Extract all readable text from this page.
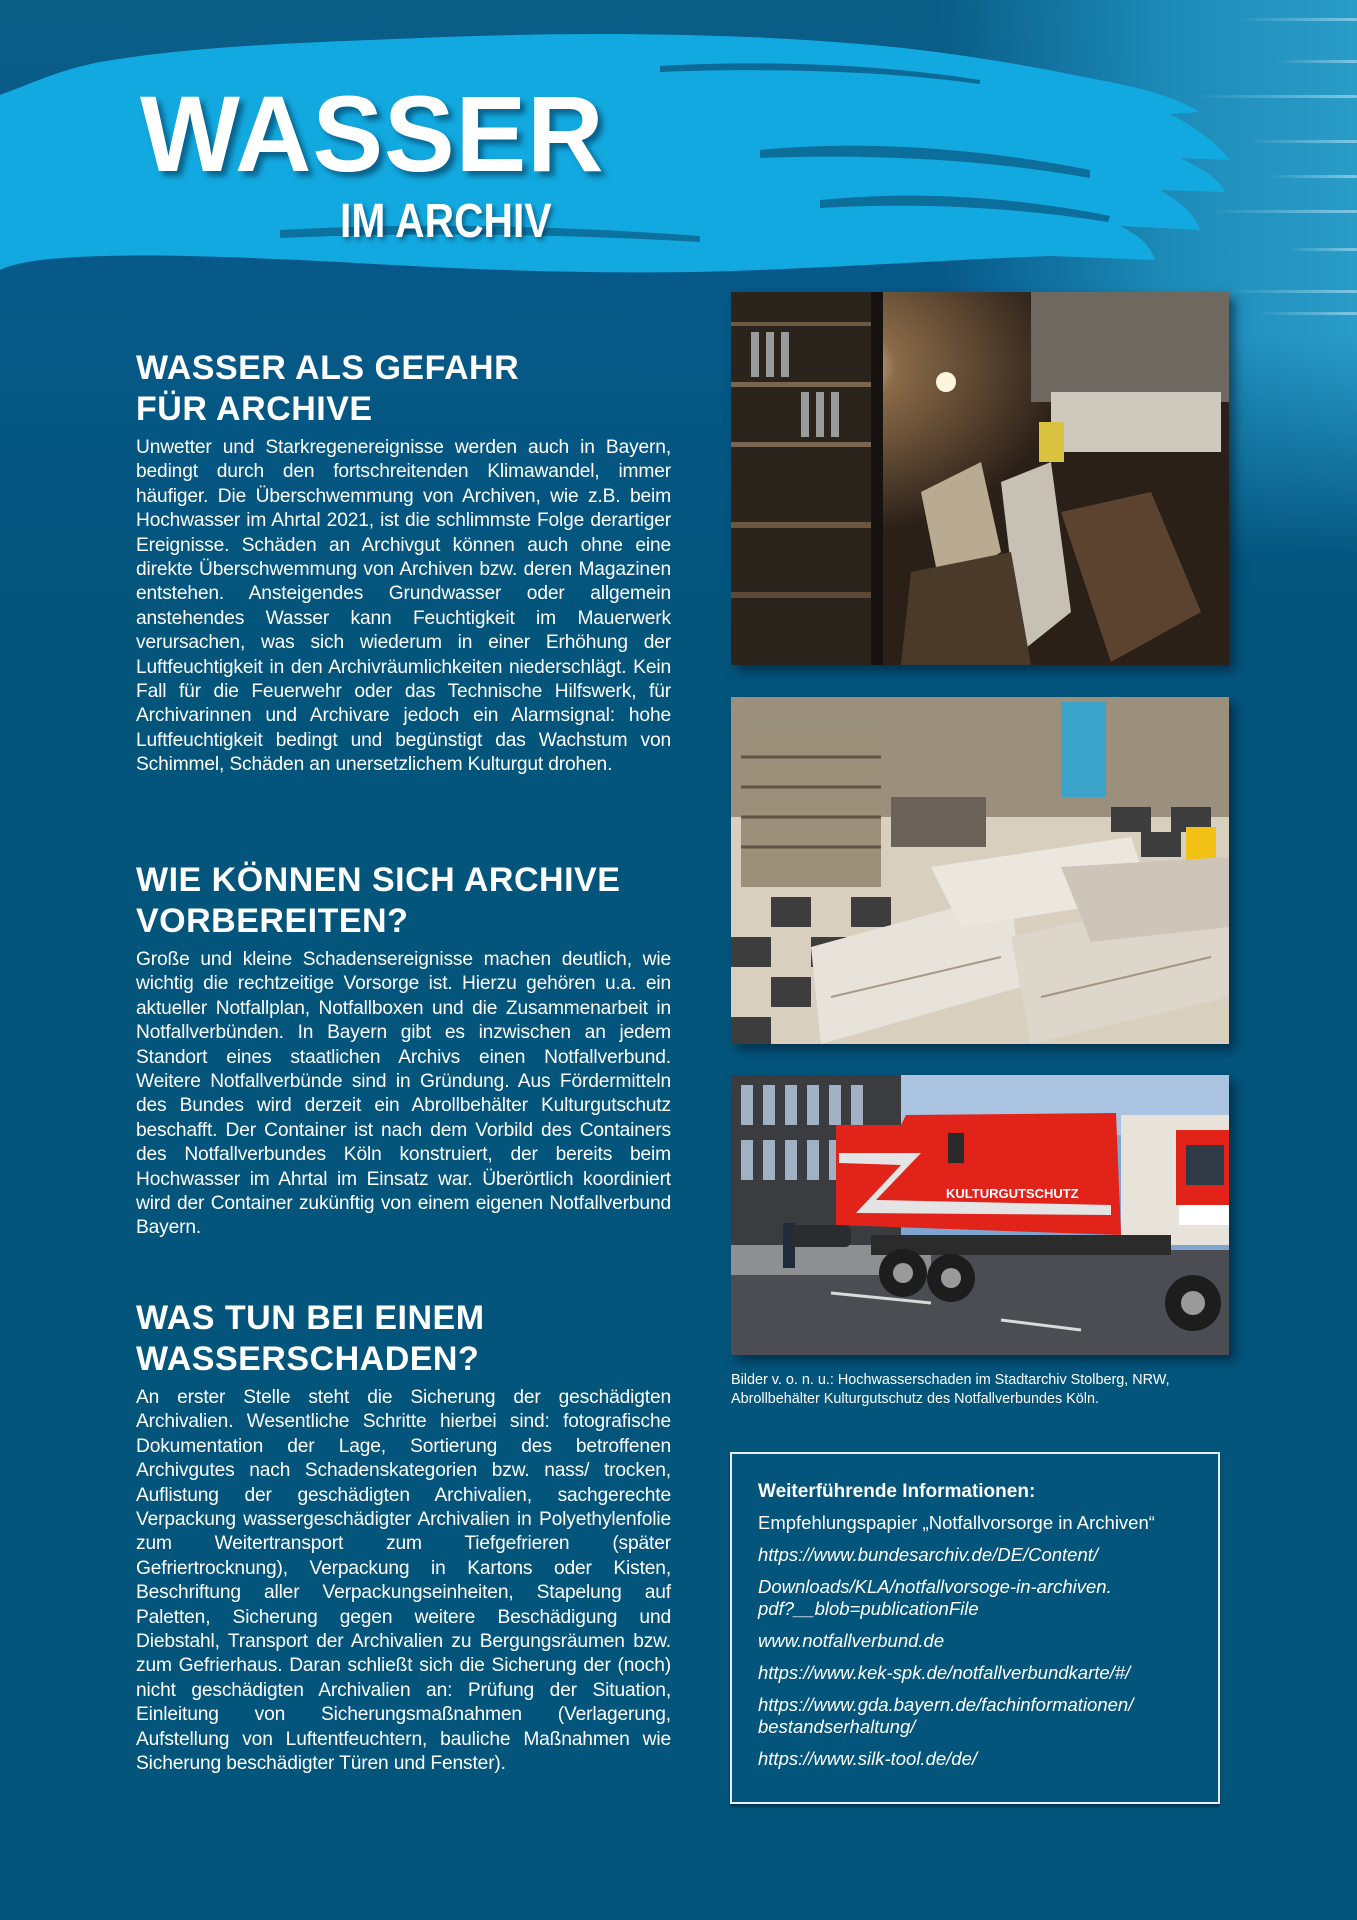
WASSER
IM ARCHIV
WASSER ALS GEFAHR
FÜR ARCHIVE

Unwetter und Starkregenereignisse werden auch in Bayern, bedingt durch den fortschreitenden Klimawandel, immer häufiger. Die Überschwemmung von Archiven, wie z.B. beim Hochwasser im Ahrtal 2021, ist die schlimmste Folge derartiger Ereignisse. Schäden an Archivgut können auch ohne eine direkte Überschwemmung von Archiven bzw. deren Magazinen entstehen. Ansteigendes Grundwasser oder allgemein anstehendes Wasser kann Feuchtigkeit im Mauerwerk verursachen, was sich wiederum in einer Erhöhung der Luftfeuchtigkeit in den Archivräumlichkeiten niederschlägt. Kein Fall für die Feuerwehr oder das Technische Hilfswerk, für Archivarinnen und Archivare jedoch ein Alarmsignal: hohe Luftfeuchtigkeit bedingt und begünstigt das Wachstum von Schimmel, Schäden an unersetzlichem Kulturgut drohen.

WIE KÖNNEN SICH ARCHIVE
VORBEREITEN?

Große und kleine Schadensereignisse machen deutlich, wie wichtig die rechtzeitige Vorsorge ist. Hierzu gehören u.a. ein aktueller Notfallplan, Notfallboxen und die Zusammenarbeit in Notfallverbünden. In Bayern gibt es inzwischen an jedem Standort eines staatlichen Archivs einen Notfallverbund. Weitere Notfallverbünde sind in Gründung. Aus Fördermitteln des Bundes wird derzeit ein Abrollbehälter Kulturgutschutz beschafft. Der Container ist nach dem Vorbild des Containers des Notfallverbundes Köln konstruiert, der bereits beim Hochwasser im Ahrtal im Einsatz war. Überörtlich koordiniert wird der Container zukünftig von einem eigenen Notfallverbund Bayern.

WAS TUN BEI EINEM
WASSERSCHADEN?

An erster Stelle steht die Sicherung der geschädigten Archivalien. Wesentliche Schritte hierbei sind: fotografische Dokumentation der Lage, Sortierung des betroffenen Archivgutes nach Schadenskategorien bzw. nass/ trocken, Auflistung der geschädigten Archivalien, sachgerechte Verpackung wassergeschädigter Archivalien in Polyethylenfolie zum Weitertransport zum Tiefgefrieren (später Gefriertrocknung), Verpackung in Kartons oder Kisten, Beschriftung aller Verpackungseinheiten, Stapelung auf Paletten, Sicherung gegen weitere Beschädigung und Diebstahl, Transport der Archivalien zu Bergungsräumen bzw. zum Gefrierhaus. Daran schließt sich die Sicherung der (noch) nicht geschädigten Archivalien an: Prüfung der Situation, Einleitung von Sicherungsmaßnahmen (Verlagerung, Aufstellung von Luftentfeuchtern, bauliche Maßnahmen wie Sicherung beschädigter Türen und Fenster).

KULTURGUTSCHUTZ
Bilder v. o. n. u.: Hochwasserschaden im Stadtarchiv Stolberg, NRW,
Abrollbehälter Kulturgutschutz des Notfallverbundes Köln.
Weiterführende Informationen:
Empfehlungspapier „Notfallvorsorge in Archiven“
https://www.bundesarchiv.de/DE/Content/
Downloads/KLA/notfallvorsoge-in-archiven.
pdf?__blob=publicationFile
www.notfallverbund.de
https://www.kek-spk.de/notfallverbundkarte/#/
https://www.gda.bayern.de/fachinformationen/
bestandserhaltung/
https://www.silk-tool.de/de/
